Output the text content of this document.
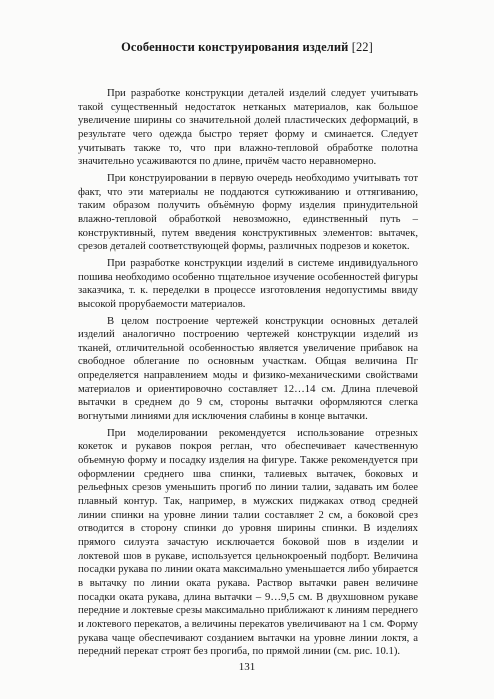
Особенности конструирования изделий [22]

При разработке конструкции деталей изделий следует учитывать такой существенный недостаток нетканых материалов, как большое увеличение ширины со значительной долей пластических деформаций, в результате чего одежда быстро теряет форму и сминается. Следует учитывать также то, что при влажно-тепловой обработке полотна значительно усаживаются по длине, причём часто неравномерно.

При конструировании в первую очередь необходимо учитывать тот факт, что эти материалы не поддаются сутюживанию и оттягиванию, таким образом получить объёмную форму изделия принудительной влажно-тепловой обработкой невозможно, единственный путь – конструктивный, путем введения конструктивных элементов: вытачек, срезов деталей соответствующей формы, различных подрезов и кокеток.

При разработке конструкции изделий в системе индивидуального пошива необходимо особенно тщательное изучение особенностей фигуры заказчика, т. к. переделки в процессе изготовления недопустимы ввиду высокой прорубаемости материалов.

В целом построение чертежей конструкции основных деталей изделий аналогично построению чертежей конструкции изделий из тканей, отличительной особенностью является увеличение прибавок на свободное облегание по основным участкам. Общая величина Пг определяется направлением моды и физико-механическими свойствами материалов и ориентировочно составляет 12…14 см. Длина плечевой вытачки в среднем до 9 см, стороны вытачки оформляются слегка вогнутыми линиями для исключения слабины в конце вытачки.

При моделировании рекомендуется использование отрезных кокеток и рукавов покроя реглан, что обеспечивает качественную объемную форму и посадку изделия на фигуре. Также рекомендуется при оформлении среднего шва спинки, талиевых вытачек, боковых и рельефных срезов уменьшить прогиб по линии талии, задавать им более плавный контур. Так, например, в мужских пиджаках отвод средней линии спинки на уровне линии талии составляет 2 см, а боковой срез отводится в сторону спинки до уровня ширины спинки. В изделиях прямого силуэта зачастую исключается боковой шов в изделии и локтевой шов в рукаве, используется цельнокроеный подборт. Величина посадки рукава по линии оката максимально уменьшается либо убирается в вытачку по линии оката рукава. Раствор вытачки равен величине посадки оката рукава, длина вытачки – 9…9,5 см. В двухшовном рукаве передние и локтевые срезы максимально приближают к линиям переднего и локтевого перекатов, а величины перекатов увеличивают на 1 см. Форму рукава чаще обеспечивают созданием вытачки на уровне линии локтя, а передний перекат строят без прогиба, по прямой линии (см. рис. 10.1).

131
